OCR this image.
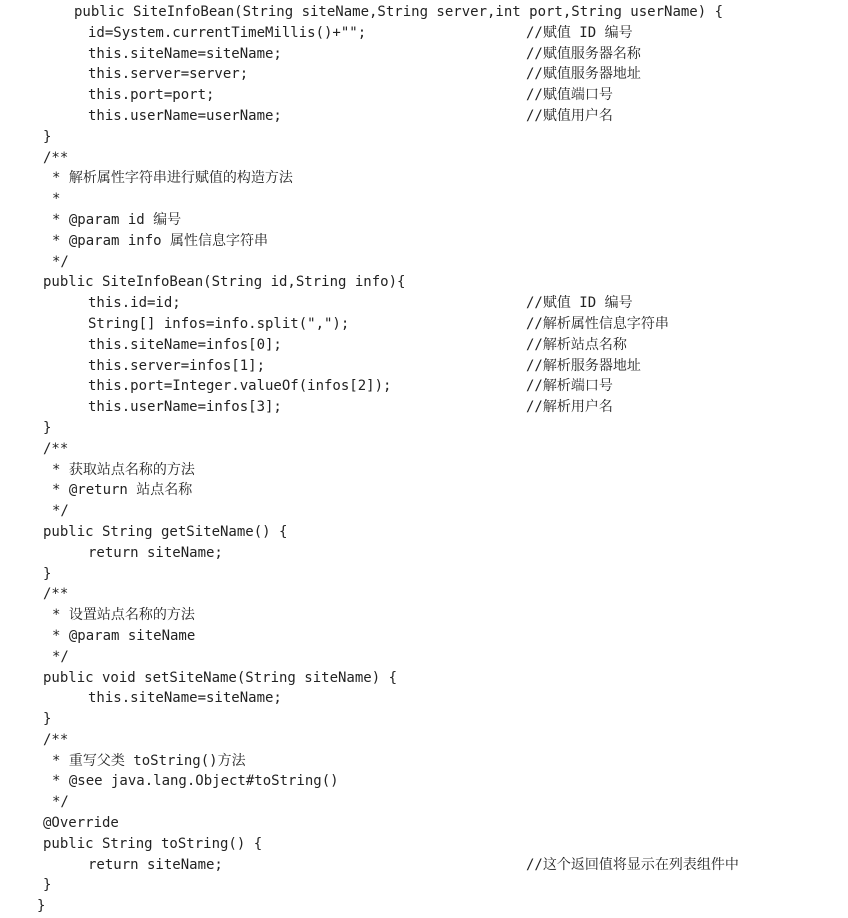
public SiteInfoBean(String siteName,String server,int port,String userName) {
id=System.currentTimeMillis()+"";	//赋值 ID 编号
this.siteName=siteName;	//赋值服务器名称
this.server=server;	//赋值服务器地址
this.port=port;	//赋值端口号
this.userName=userName;	//赋值用户名
}
/**
* 解析属性字符串进行赋值的构造方法
*
* @param id 编号
* @param info 属性信息字符串
*/
public SiteInfoBean(String id,String info){
this.id=id;	//赋值 ID 编号
String[] infos=info.split(",");	//解析属性信息字符串
this.siteName=infos[0];	//解析站点名称
this.server=infos[1];	//解析服务器地址
this.port=Integer.valueOf(infos[2]);	//解析端口号
this.userName=infos[3];	//解析用户名
}
/**
* 获取站点名称的方法
* @return 站点名称
*/
public String getSiteName() {
return siteName;
}
/**
* 设置站点名称的方法
* @param siteName
*/
public void setSiteName(String siteName) {
this.siteName=siteName;
}
/**
* 重写父类 toString()方法
* @see java.lang.Object#toString()
*/
@Override
public String toString() {
return siteName;	//这个返回值将显示在列表组件中
}
}
